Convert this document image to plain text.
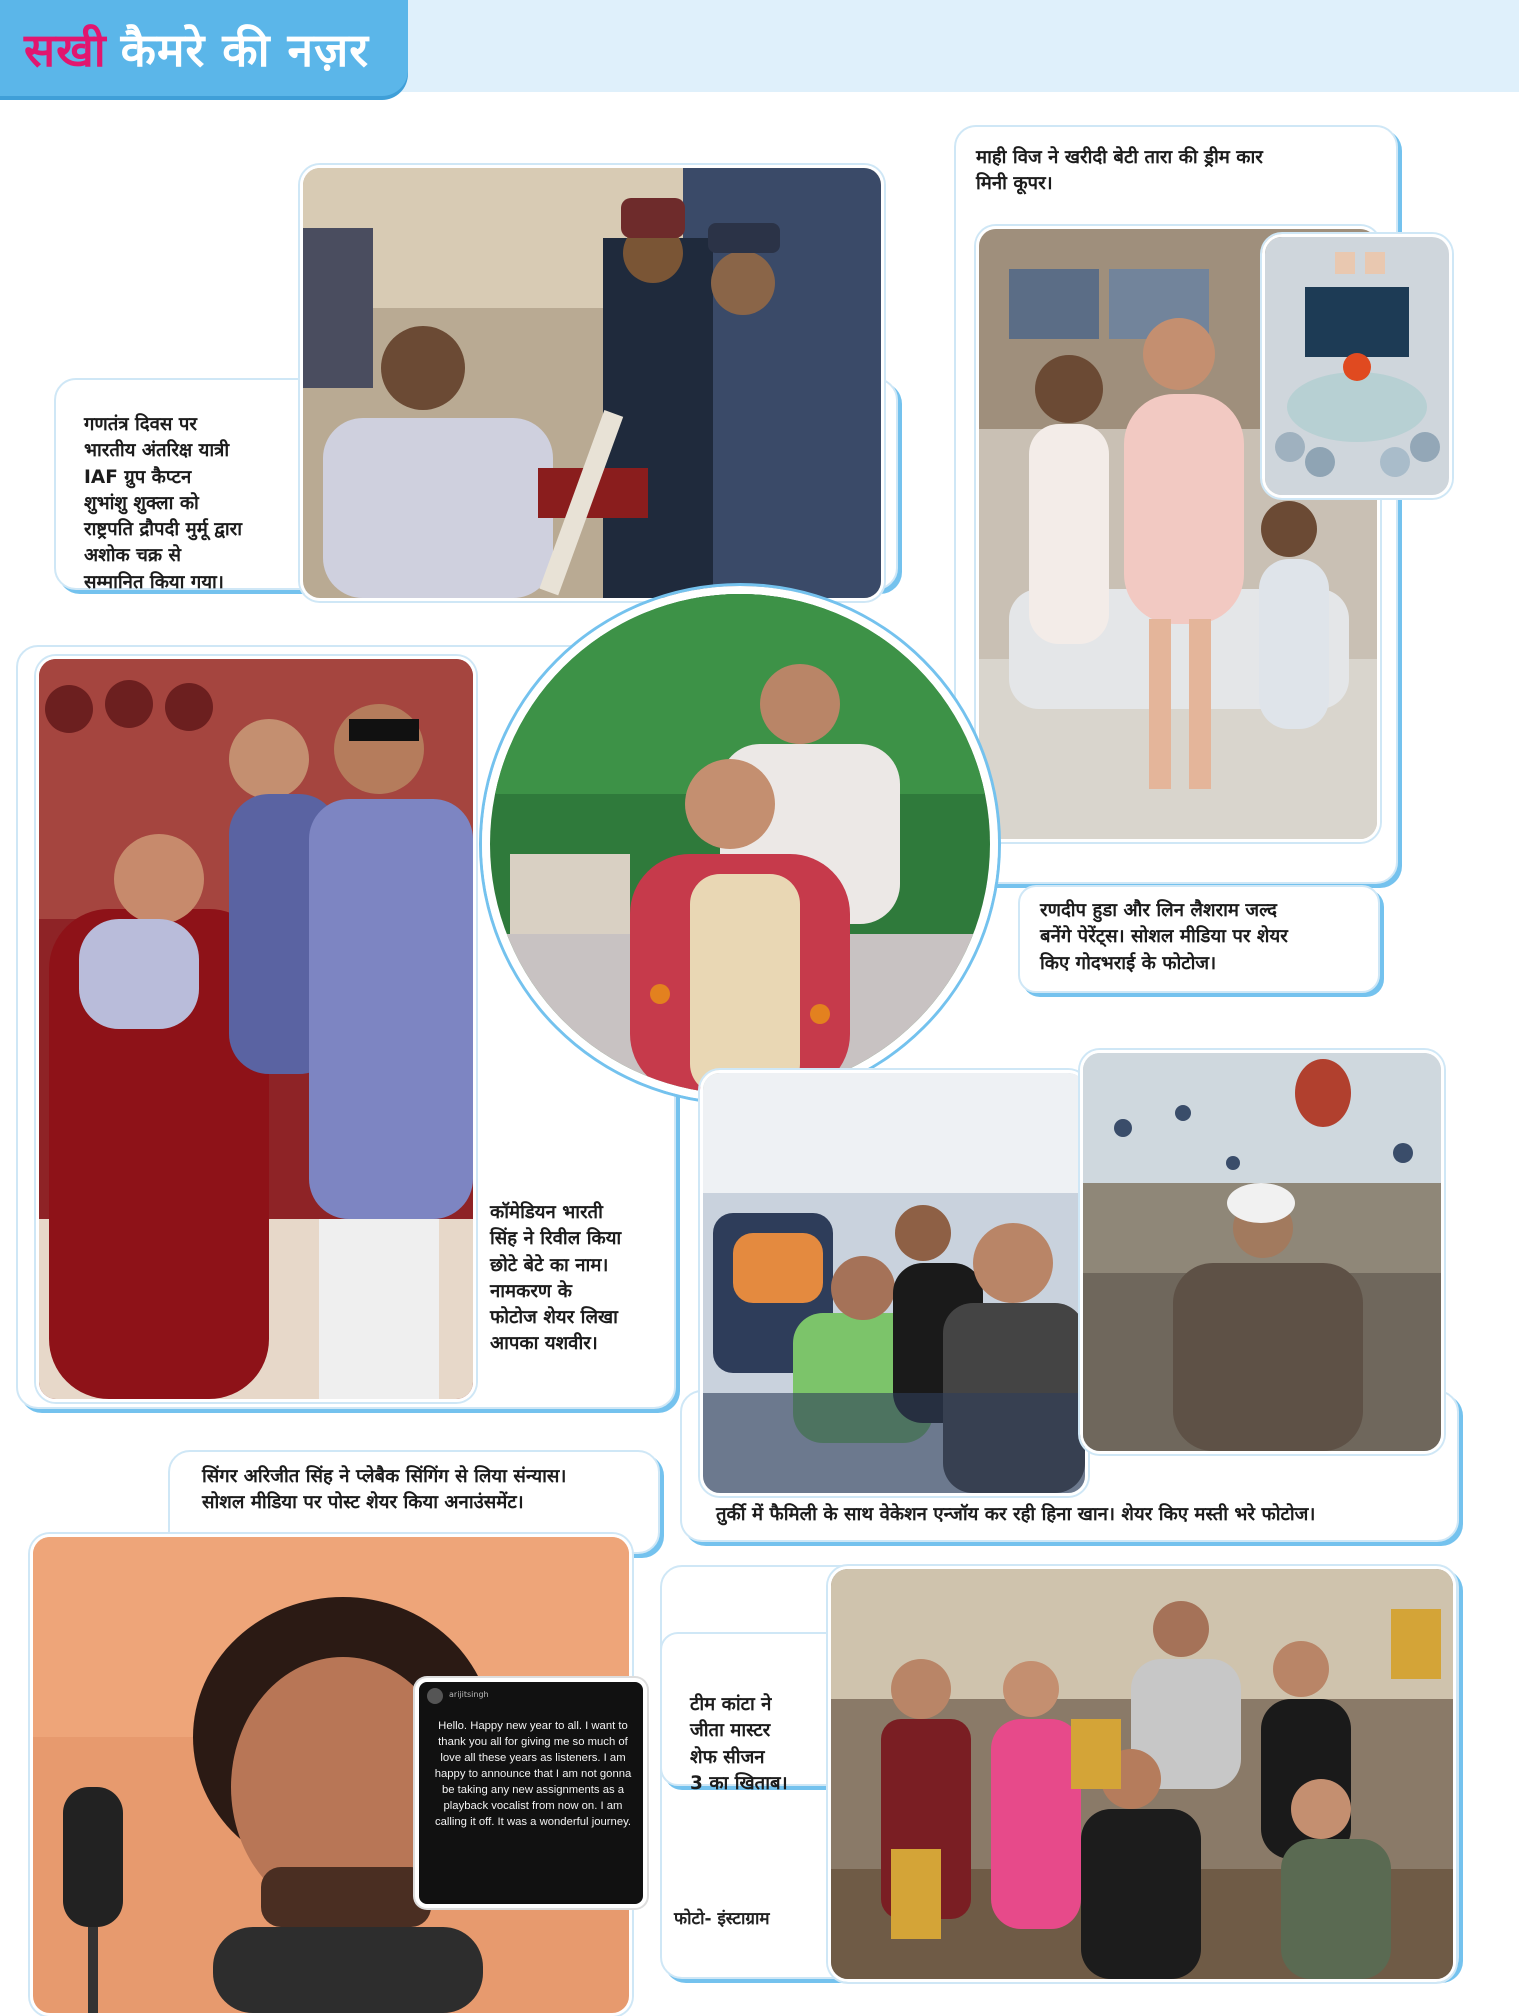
सखी कैमरे की नज़र
गणतंत्र दिवस पर
भारतीय अंतरिक्ष यात्री
IAF ग्रुप कैप्टन
शुभांशु शुक्ला को
राष्ट्रपति द्रौपदी मुर्मू द्वारा
अशोक चक्र से
सम्मानित किया गया।
माही विज ने खरीदी बेटी तारा की ड्रीम कार
मिनी कूपर।
रणदीप हुडा और लिन लैशराम जल्द
बनेंगे पेरेंट्स। सोशल मीडिया पर शेयर
किए गोदभराई के फोटोज।
कॉमेडियन भारती
सिंह ने रिवील किया
छोटे बेटे का नाम।
नामकरण के
फोटोज शेयर लिखा
आपका यशवीर।
तुर्की में फैमिली के साथ वेकेशन एन्जॉय कर रही हिना खान। शेयर किए मस्ती भरे फोटोज।
सिंगर अरिजीत सिंह ने प्लेबैक सिंगिंग से लिया संन्यास।
सोशल मीडिया पर पोस्ट शेयर किया अनाउंसमेंट।
arijitsingh
Hello. Happy new year to all. I want to thank you all for giving me so much of love all these years as listeners. I am happy to announce that I am not gonna be taking any new assignments as a playback vocalist from now on. I am calling it off. It was a wonderful journey.
टीम कांटा ने
जीता मास्टर
शेफ सीजन
3 का खिताब।
फोटो- इंस्टाग्राम
